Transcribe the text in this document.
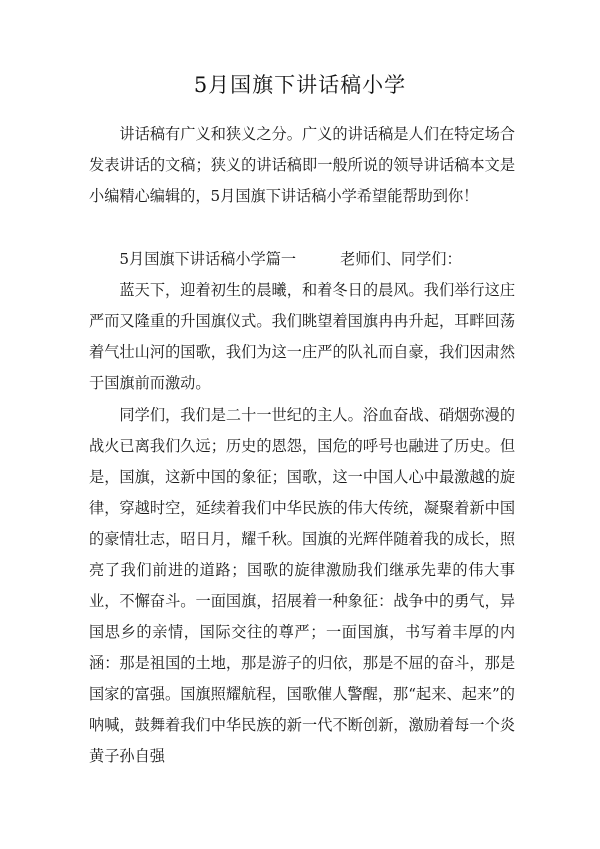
5月国旗下讲话稿小学

讲话稿有广义和狭义之分。广义的讲话稿是人们在特定场合发表讲话的文稿；狭义的讲话稿即一般所说的领导讲话稿本文是小编精心编辑的，5月国旗下讲话稿小学希望能帮助到你！

5月国旗下讲话稿小学篇一	老师们、同学们：

蓝天下，迎着初生的晨曦，和着冬日的晨风。我们举行这庄严而又隆重的升国旗仪式。我们眺望着国旗冉冉升起，耳畔回荡着气壮山河的国歌，我们为这一庄严的队礼而自豪，我们因肃然于国旗前而激动。

同学们，我们是二十一世纪的主人。浴血奋战、硝烟弥漫的战火已离我们久远；历史的恩怨，国危的呼号也融进了历史。但是，国旗，这新中国的象征；国歌，这一中国人心中最激越的旋律，穿越时空，延续着我们中华民族的伟大传统，凝聚着新中国的豪情壮志，昭日月，耀千秋。国旗的光辉伴随着我的成长，照亮了我们前进的道路；国歌的旋律激励我们继承先辈的伟大事业，不懈奋斗。一面国旗，招展着一种象征：战争中的勇气，异国思乡的亲情，国际交往的尊严；一面国旗，书写着丰厚的内涵：那是祖国的土地，那是游子的归依，那是不屈的奋斗，那是国家的富强。国旗照耀航程，国歌催人警醒，那“起来、起来”的呐喊，鼓舞着我们中华民族的新一代不断创新，激励着每一个炎黄子孙自强
